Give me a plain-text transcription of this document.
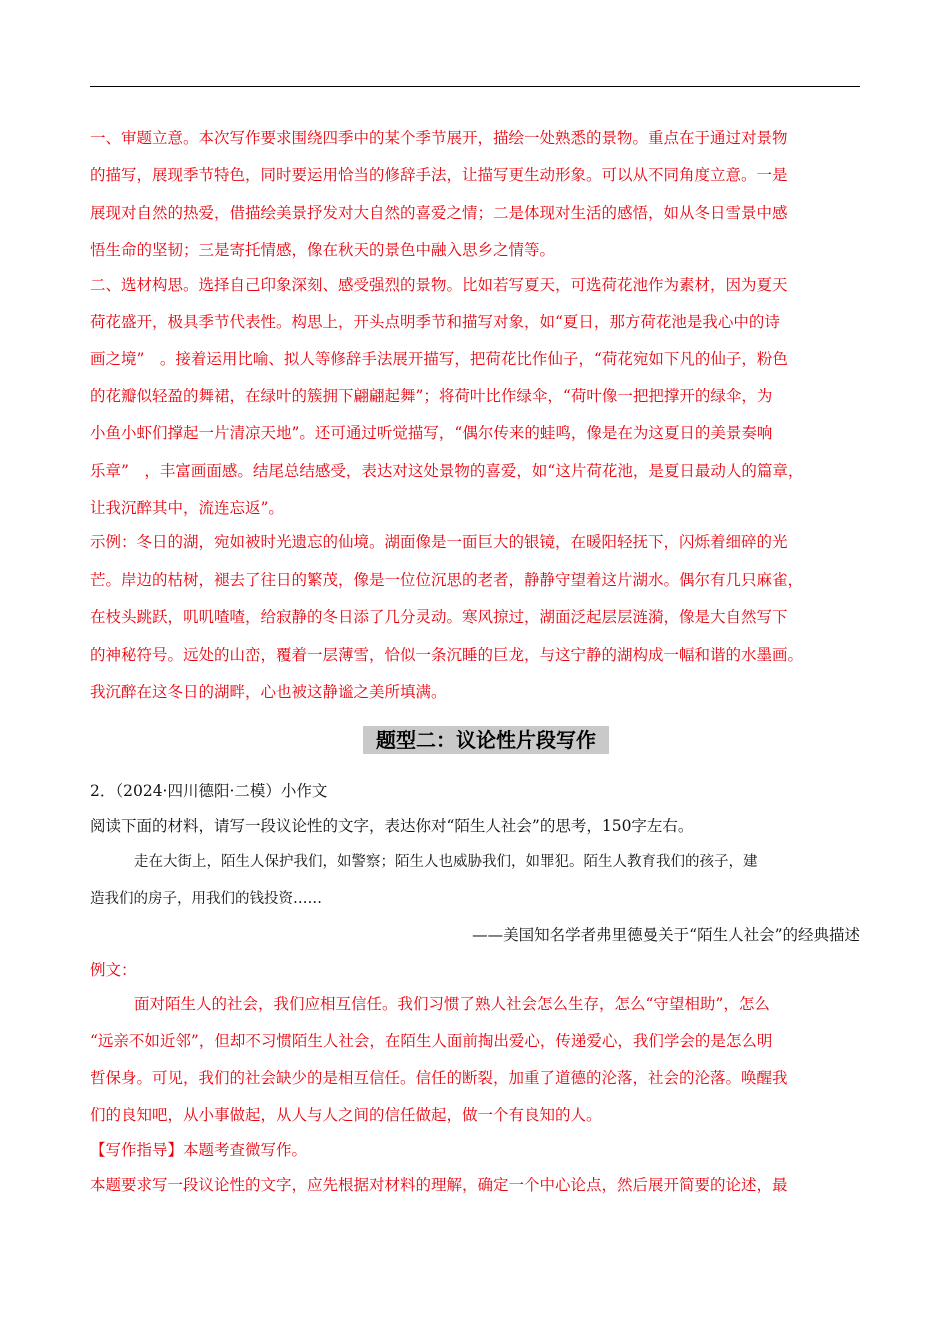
一、审题立意。本次写作要求围绕四季中的某个季节展开，描绘一处熟悉的景物。重点在于通过对景物
的描写，展现季节特色，同时要运用恰当的修辞手法，让描写更生动形象。可以从不同角度立意。一是
展现对自然的热爱，借描绘美景抒发对大自然的喜爱之情；二是体现对生活的感悟，如从冬日雪景中感
悟生命的坚韧；三是寄托情感，像在秋天的景色中融入思乡之情等。
二、选材构思。选择自己印象深刻、感受强烈的景物。比如若写夏天，可选荷花池作为素材，因为夏天
荷花盛开，极具季节代表性。构思上，开头点明季节和描写对象，如“夏日，那方荷花池是我心中的诗
画之境”　。接着运用比喻、拟人等修辞手法展开描写，把荷花比作仙子，“荷花宛如下凡的仙子，粉色
的花瓣似轻盈的舞裙，在绿叶的簇拥下翩翩起舞”；将荷叶比作绿伞，“荷叶像一把把撑开的绿伞，为
小鱼小虾们撑起一片清凉天地”。还可通过听觉描写，“偶尔传来的蛙鸣，像是在为这夏日的美景奏响
乐章”　，丰富画面感。结尾总结感受，表达对这处景物的喜爱，如“这片荷花池，是夏日最动人的篇章，
让我沉醉其中，流连忘返”。
示例：冬日的湖，宛如被时光遗忘的仙境。湖面像是一面巨大的银镜，在暖阳轻抚下，闪烁着细碎的光
芒。岸边的枯树，褪去了往日的繁茂，像是一位位沉思的老者，静静守望着这片湖水。偶尔有几只麻雀，
在枝头跳跃，叽叽喳喳，给寂静的冬日添了几分灵动。寒风掠过，湖面泛起层层涟漪，像是大自然写下
的神秘符号。远处的山峦，覆着一层薄雪，恰似一条沉睡的巨龙，与这宁静的湖构成一幅和谐的水墨画。
我沉醉在这冬日的湖畔，心也被这静谧之美所填满。
题型二：议论性片段写作
2．（2024·四川德阳·二模）小作文
阅读下面的材料，请写一段议论性的文字，表达你对“陌生人社会”的思考，150字左右。
走在大街上，陌生人保护我们，如警察；陌生人也威胁我们，如罪犯。陌生人教育我们的孩子，建
造我们的房子，用我们的钱投资……
——美国知名学者弗里德曼关于“陌生人社会”的经典描述
例文：
面对陌生人的社会，我们应相互信任。我们习惯了熟人社会怎么生存，怎么“守望相助”，怎么
“远亲不如近邻”，但却不习惯陌生人社会，在陌生人面前掏出爱心，传递爱心，我们学会的是怎么明
哲保身。可见，我们的社会缺少的是相互信任。信任的断裂，加重了道德的沦落，社会的沦落。唤醒我
们的良知吧，从小事做起，从人与人之间的信任做起，做一个有良知的人。
【写作指导】本题考查微写作。
本题要求写一段议论性的文字，应先根据对材料的理解，确定一个中心论点，然后展开简要的论述，最
